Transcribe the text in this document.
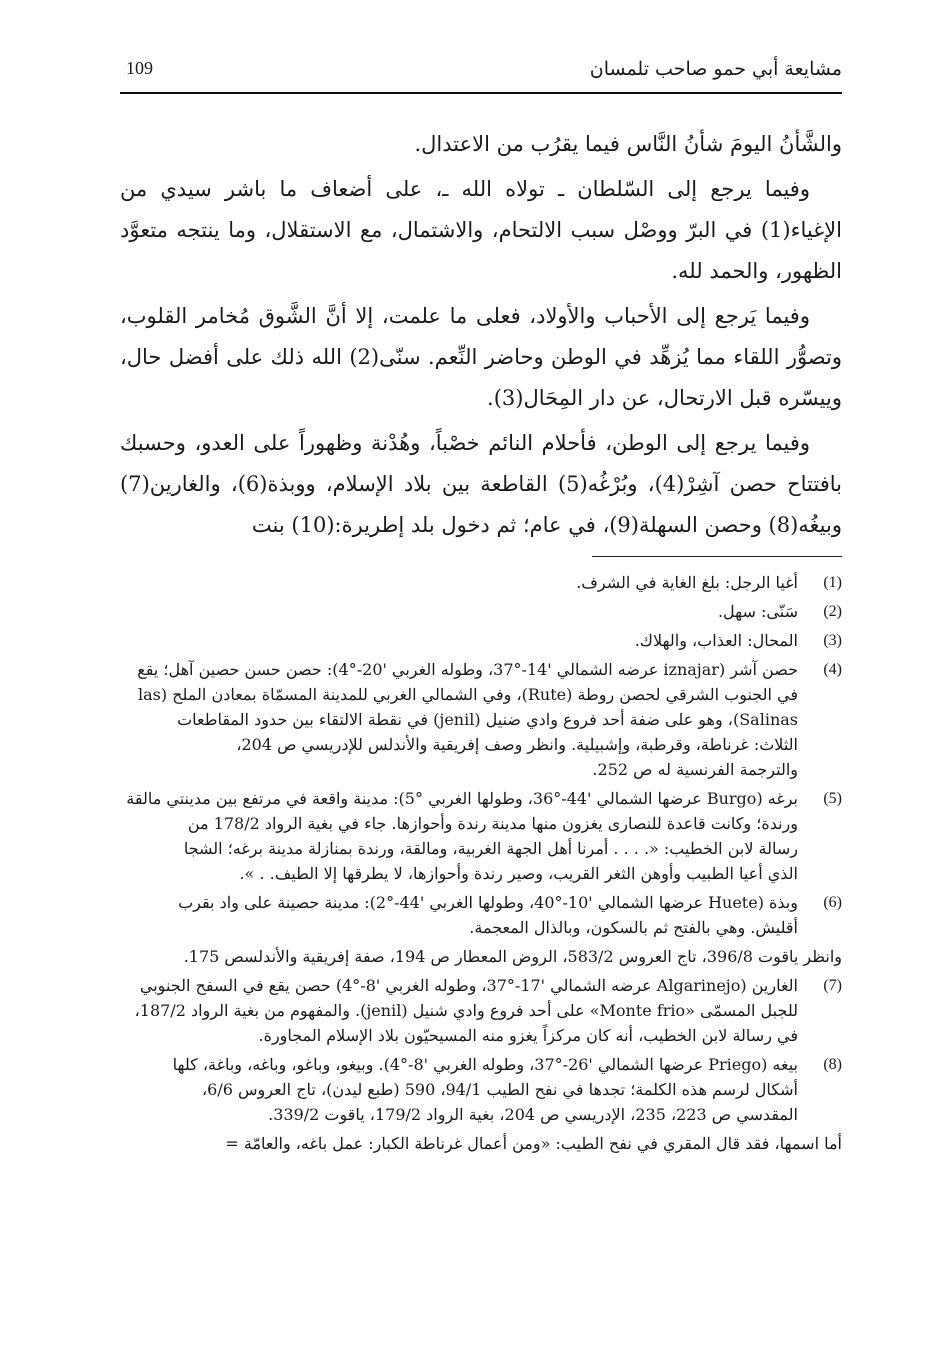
مشايعة أبي حمو صاحب تلمسان
109

والشَّأنُ اليومَ شأنُ النَّاس فيما يقرُب من الاعتدال.

وفيما يرجع إلى السّلطان ـ تولاه الله ـ، على أضعاف ما باشر سيدي من الإغياء(1) في البرّ ووصْل سبب الالتحام، والاشتمال، مع الاستقلال، وما ينتجه متعوَّد الظهور، والحمد لله.

وفيما يَرجع إلى الأحباب والأولاد، فعلى ما علمت، إلا أنَّ الشَّوق مُخامر القلوب، وتصوُّر اللقاء مما يُزهِّد في الوطن وحاضر النِّعم. سنّى(2) الله ذلك على أفضل حال، وييسّره قبل الارتحال، عن دار المِحَال(3).

وفيما يرجع إلى الوطن، فأحلام النائم خصْباً، وهُدْنة وظهوراً على العدو، وحسبك بافتتاح حصن آشِرْ(4)، وبُرْغُه(5) القاطعة بين بلاد الإسلام، ووبذة(6)، والغارين(7) وبيغُه(8) وحصن السهلة(9)، في عام؛ ثم دخول بلد إطريرة:(10) بنت

(1)
أغيا الرجل: بلغ الغاية في الشرف.
(2)
سَنّى: سهل.
(3)
المحال: العذاب، والهلاك.
(4)
حصن آشر (iznajar عرضه الشمالي '14-°37، وطوله الغربي '20-°4): حصن حسن حصين آهل؛ يقع
في الجنوب الشرقي لحصن روطة (Rute)، وفي الشمالي الغربي للمدينة المسمّاة بمعادن الملح (las
Salinas)، وهو على ضفة أحد فروع وادي ضنيل (jenil) في نقطة الالتقاء بين حدود المقاطعات
الثلاث: غرناطة، وقرطبة، وإشبيلية. وانظر وصف إفريقية والأندلس للإدريسي ص 204،
والترجمة الفرنسية له ص 252.
(5)
برغه (Burgo عرضها الشمالي '44-°36، وطولها الغربي °5): مدينة واقعة في مرتفع بين مدينتي مالقة
ورندة؛ وكانت قاعدة للنصارى يغزون منها مدينة رندة وأحوازها. جاء في بغية الرواد 178/2 من
رسالة لابن الخطيب: «. . . . أمرنا أهل الجهة الغربية، ومالقة، ورندة بمنازلة مدينة برغه؛ الشجا
الذي أعيا الطبيب وأوهن الثغر القريب، وصير رندة وأحوازها، لا يطرقها إلا الطيف. . ».
(6)
وبذة (Huete عرضها الشمالي '10-°40، وطولها الغربي '44-°2): مدينة حصينة على واد بقرب
أقليش. وهي بالفتح ثم بالسكون، وبالذال المعجمة.
وانظر ياقوت 396/8، تاج العروس 583/2، الروض المعطار ص 194، صفة إفريقية والأندلسص 175.
(7)
الغارين (Algarinejo عرضه الشمالي '17-°37، وطوله الغربي '8-°4) حصن يقع في السفح الجنوبي
للجبل المسمّى «Monte frio» على أحد فروع وادي شنيل (jenil). والمفهوم من بغية الرواد 187/2،
في رسالة لابن الخطيب، أنه كان مركزاً يغزو منه المسيحيّون بلاد الإسلام المجاورة.
(8)
بيغه (Priego عرضها الشمالي '26-°37، وطوله الغربي '8-°4). وبيغو، وباغو، وباغه، وباغة، كلها
أشكال لرسم هذه الكلمة؛ تجدها في نفح الطيب 94/1، 590 (طبع ليدن)، تاج العروس 6/6،
المقدسي ص 223، 235، الإدريسي ص 204، بغية الرواد 179/2، ياقوت 339/2.
أما اسمها، فقد قال المقري في نفح الطيب: «ومن أعمال غرناطة الكبار: عمل باغه، والعامّة =
